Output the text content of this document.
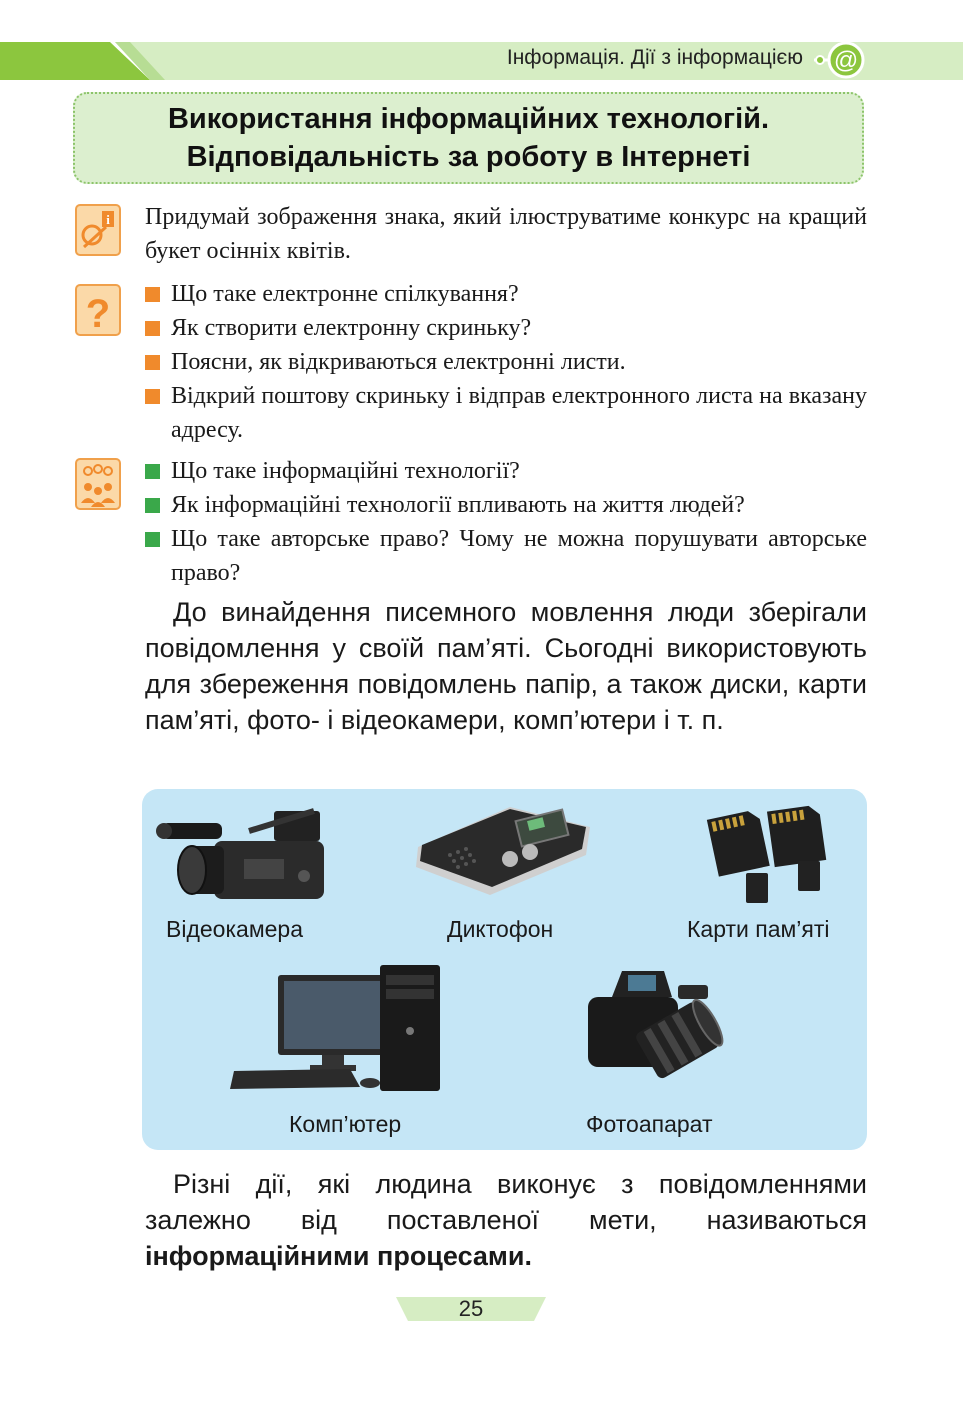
Інформація. Дії з інформацією @
Використання інформаційних технологій.
Відповідальність за роботу в Інтернеті
i Придумай зображення знака, який ілюструватиме конкурс на кращий букет осінніх квітів.
?	Що таке електронне спілкування?
Як створити електронну скриньку?
Поясни, як відкриваються електронні листи.
Відкрий поштову скриньку і відправ електронного листа на вказану адресу.
Що таке інформаційні технології?
Як інформаційні технології впливають на життя людей?
Що таке авторське право? Чому не можна порушувати авторське право?
До винайдення писемного мовлення люди зберігали повідомлення у своїй пам’яті. Сьогодні використовують для збереження повідомлень папір, а також диски, карти пам’яті, фото- і відеокамери, комп’ютери і т. п.
Відеокамера	Диктофон	Карти пам’яті
Комп’ютер	Фотоапарат
Різні дії, які людина виконує з повідомленнями залежно від поставленої мети, називаються інформаційними процесами.
25
